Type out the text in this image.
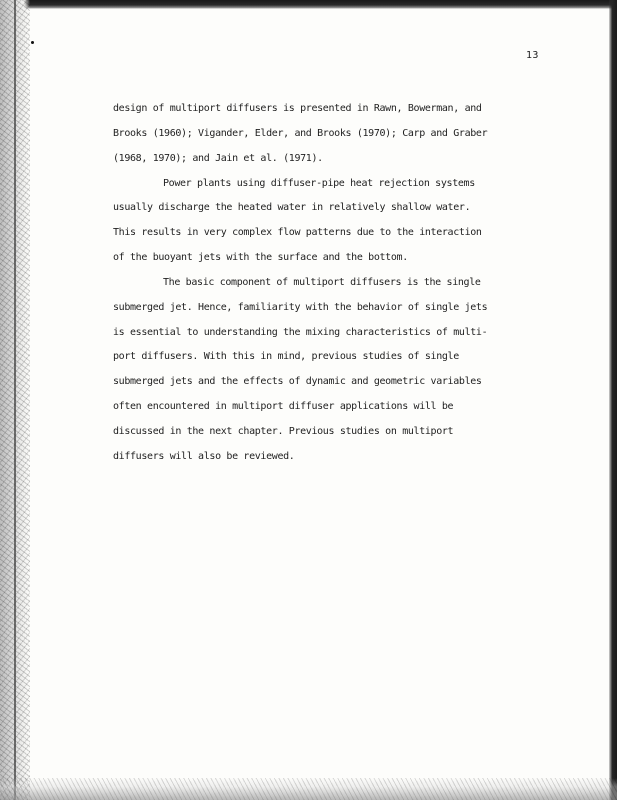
13
design of multiport diffusers is presented in Rawn, Bowerman, and
Brooks (1960); Vigander, Elder, and Brooks (1970); Carp and Graber
(1968, 1970); and Jain et al. (1971).
Power plants using diffuser-pipe heat rejection systems
usually discharge the heated water in relatively shallow water.
This results in very complex flow patterns due to the interaction
of the buoyant jets with the surface and the bottom.
The basic component of multiport diffusers is the single
submerged jet. Hence, familiarity with the behavior of single jets
is essential to understanding the mixing characteristics of multi-
port diffusers. With this in mind, previous studies of single
submerged jets and the effects of dynamic and geometric variables
often encountered in multiport diffuser applications will be
discussed in the next chapter. Previous studies on multiport
diffusers will also be reviewed.
